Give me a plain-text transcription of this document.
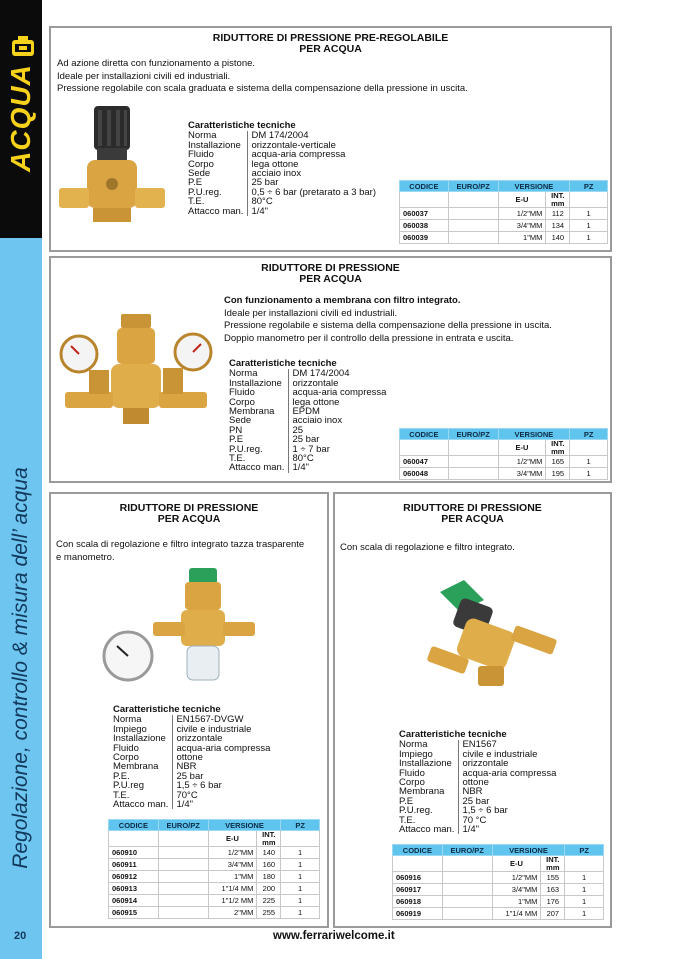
ACQUA
Regolazione, controllo & misura dell’ acqua
20	www.ferrariwelcome.it
RIDUTTORE DI PRESSIONE PRE-REGOLABILE
PER ACQUA

Ad azione diretta con funzionamento a pistone.

Ideale per installazioni civili ed industriali.

Pressione regolabile con scala graduata e sistema della compensazione della pressione in uscita.

Caratteristiche tecniche
Norma	DM 174/2004
Installazione	orizzontale-verticale
Fluido	acqua-aria compressa
Corpo	lega ottone
Sede	acciaio inox
P.E	25 bar
P.U.reg.	0,5 ÷ 6 bar (pretarato a 3 bar)
T.E.	80°C
Attacco man.	1/4"
CODICE	EURO/PZ	VERSIONE		PZ
		E-U	INT.
mm	
060037		1/2"MM	112	1
060038		3/4"MM	134	1
060039		1"MM	140	1
RIDUTTORE DI PRESSIONE
PER ACQUA

Con funzionamento a membrana con filtro integrato.

Ideale per installazioni civili ed industriali.

Pressione regolabile e sistema della compensazione della pressione in uscita.

Doppio manometro per il controllo della pressione in entrata e uscita.

Caratteristiche tecniche
Norma	DM 174/2004
Installazione	orizzontale
Fluido	acqua-aria compressa
Corpo	lega ottone
Membrana	EPDM
Sede	acciaio inox
PN	25
P.E	25 bar
P.U.reg.	1 ÷ 7 bar
T.E.	80°C
Attacco man.	1/4"
CODICE	EURO/PZ	VERSIONE		PZ
		E-U	INT.
mm	
060047		1/2"MM	165	1
060048		3/4"MM	195	1
RIDUTTORE DI PRESSIONE
PER ACQUA

Con scala di regolazione e filtro integrato tazza trasparente

e manometro.

Caratteristiche tecniche
Norma	EN1567-DVGW
Impiego	civile e industriale
Installazione	orizzontale
Fluido	acqua-aria compressa
Corpo	ottone
Membrana	NBR
P.E.	25 bar
P.U.reg	1,5 ÷ 6 bar
T.E.	70°C
Attacco man.	1/4"
CODICE	EURO/PZ	VERSIONE		PZ
		E-U	INT.
mm	
060910		1/2"MM	140	1
060911		3/4"MM	160	1
060912		1"MM	180	1
060913		1"1/4 MM	200	1
060914		1"1/2 MM	225	1
060915		2"MM	255	1
RIDUTTORE DI PRESSIONE
PER ACQUA

Con scala di regolazione e filtro integrato.

Caratteristiche tecniche
Norma	EN1567
Impiego	civile e industriale
Installazione	orizzontale
Fluido	acqua-aria compressa
Corpo	ottone
Membrana	NBR
P.E	25 bar
P.U.reg.	1,5 ÷ 6 bar
T.E.	70 °C
Attacco man.	1/4"
CODICE	EURO/PZ	VERSIONE		PZ
		E-U	INT.
mm	
060916		1/2"MM	155	1
060917		3/4"MM	163	1
060918		1"MM	176	1
060919		1"1/4 MM	207	1
